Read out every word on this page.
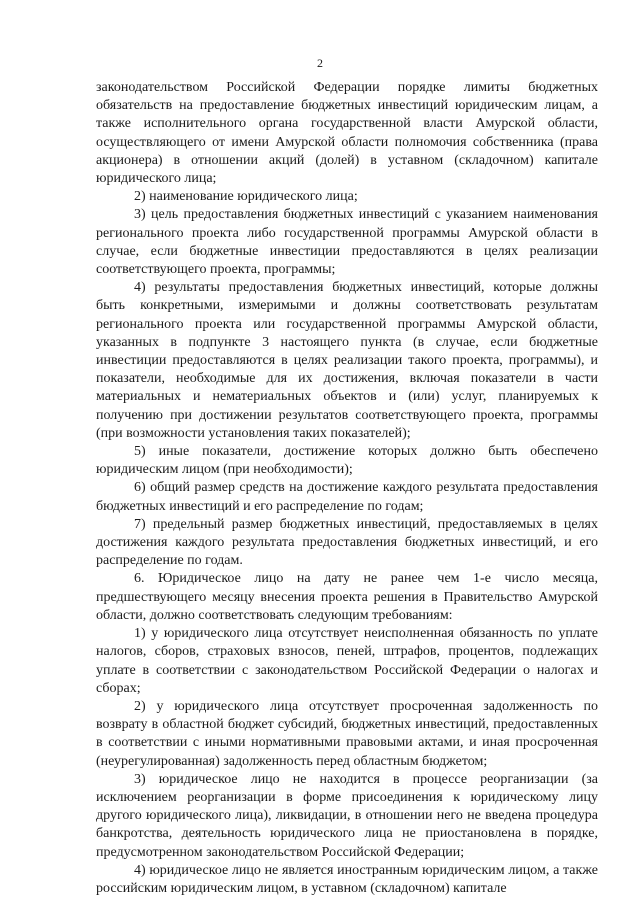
2

законодательством Российской Федерации порядке лимиты бюджетных обязательств на предоставление бюджетных инвестиций юридическим лицам, а также исполнительного органа государственной власти Амурской области, осуществляющего от имени Амурской области полномочия собственника (права акционера) в отношении акций (долей) в уставном (складочном) капитале юридического лица;

2) наименование юридического лица;

3) цель предоставления бюджетных инвестиций с указанием наименования регионального проекта либо государственной программы Амурской области в случае, если бюджетные инвестиции предоставляются в целях реализации соответствующего проекта, программы;

4) результаты предоставления бюджетных инвестиций, которые должны быть конкретными, измеримыми и должны соответствовать результатам регионального проекта или государственной программы Амурской области, указанных в подпункте 3 настоящего пункта (в случае, если бюджетные инвестиции предоставляются в целях реализации такого проекта, программы), и показатели, необходимые для их достижения, включая показатели в части материальных и нематериальных объектов и (или) услуг, планируемых к получению при достижении результатов соответствующего проекта, программы (при возможности установления таких показателей);

5) иные показатели, достижение которых должно быть обеспечено юридическим лицом (при необходимости);

6) общий размер средств на достижение каждого результата предоставления бюджетных инвестиций и его распределение по годам;

7) предельный размер бюджетных инвестиций, предоставляемых в целях достижения каждого результата предоставления бюджетных инвестиций, и его распределение по годам.

6. Юридическое лицо на дату не ранее чем 1-е число месяца, предшествующего месяцу внесения проекта решения в Правительство Амурской области, должно соответствовать следующим требованиям:

1) у юридического лица отсутствует неисполненная обязанность по уплате налогов, сборов, страховых взносов, пеней, штрафов, процентов, подлежащих уплате в соответствии с законодательством Российской Федерации о налогах и сборах;

2) у юридического лица отсутствует просроченная задолженность по возврату в областной бюджет субсидий, бюджетных инвестиций, предоставленных в соответствии с иными нормативными правовыми актами, и иная просроченная (неурегулированная) задолженность перед областным бюджетом;

3) юридическое лицо не находится в процессе реорганизации (за исключением реорганизации в форме присоединения к юридическому лицу другого юридического лица), ликвидации, в отношении него не введена процедура банкротства, деятельность юридического лица не приостановлена в порядке, предусмотренном законодательством Российской Федерации;

4) юридическое лицо не является иностранным юридическим лицом, а также российским юридическим лицом, в уставном (складочном) капитале
